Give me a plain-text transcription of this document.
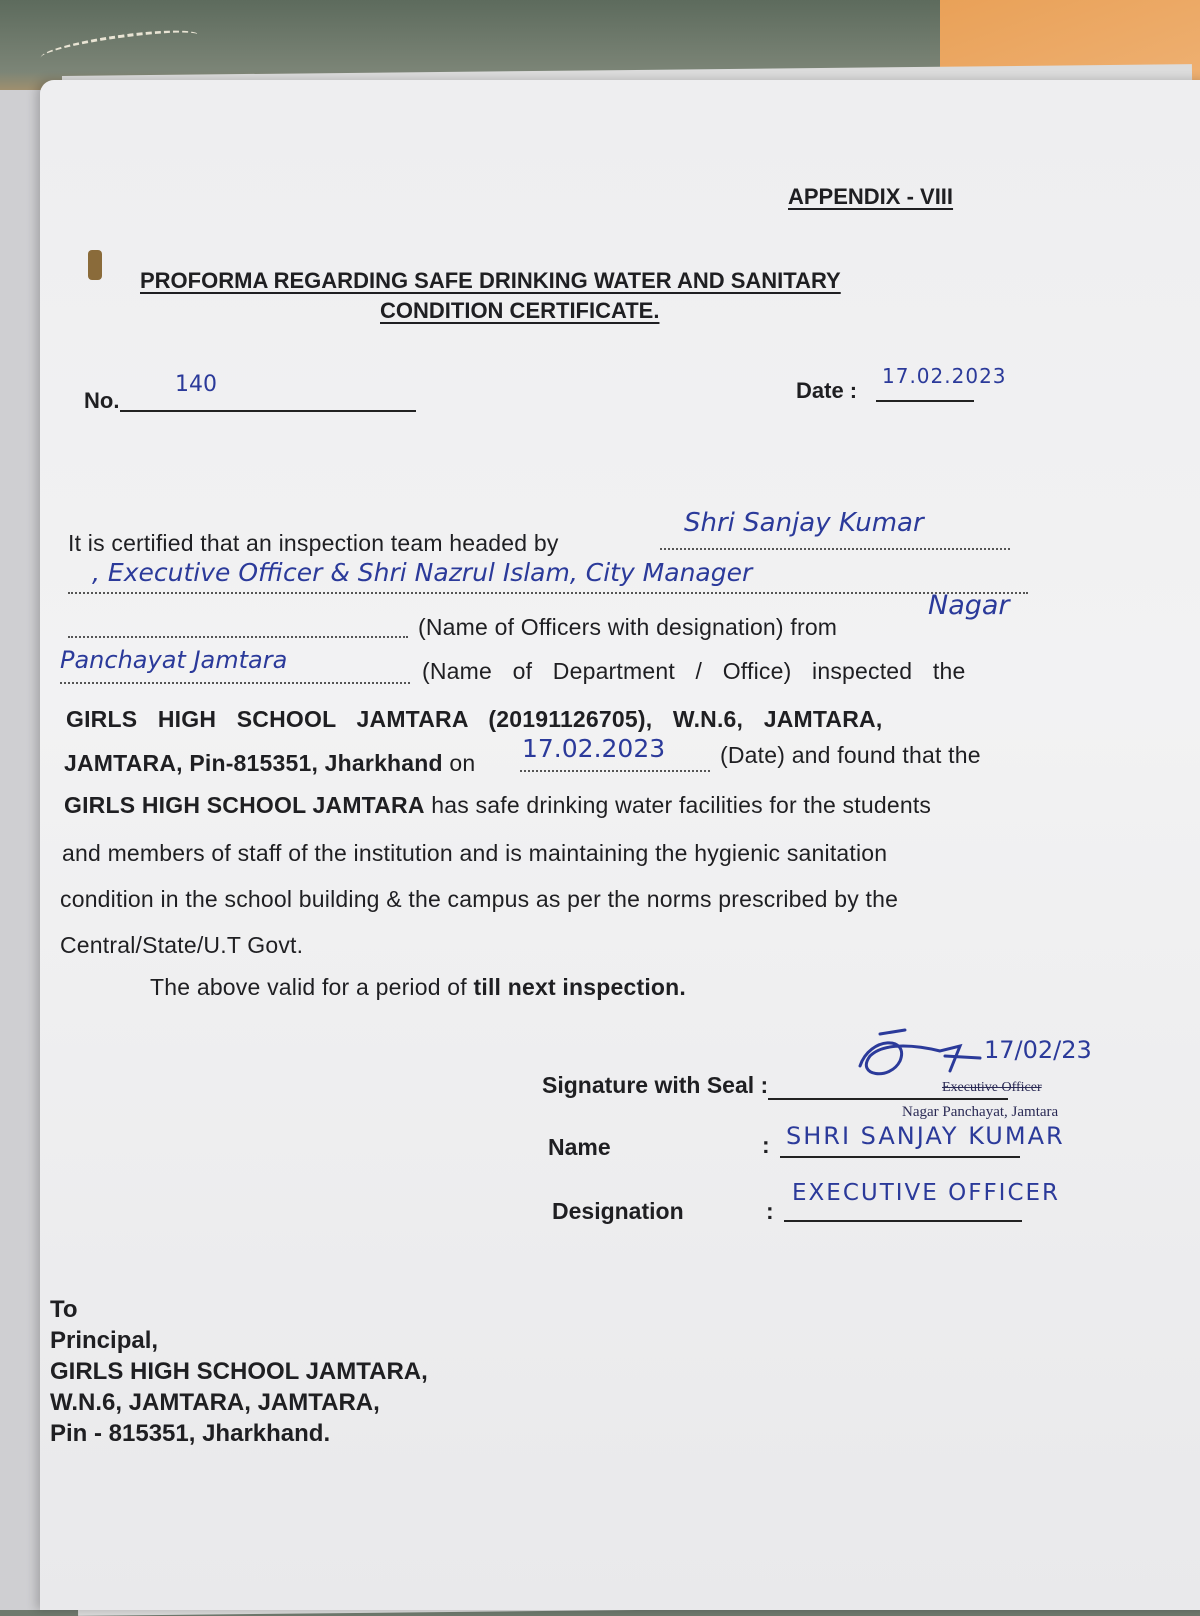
APPENDIX - VIII
PROFORMA REGARDING SAFE DRINKING WATER AND SANITARY
CONDITION CERTIFICATE.
No.
140	Date :
17.02.2023
It is certified that an inspection team headed by
Shri Sanjay Kumar
, Executive Officer & Shri Nazrul Islam, City Manager
(Name of Officers with designation) from
Nagar
Panchayat Jamtara	(Name of Department / Office) inspected the
GIRLS HIGH SCHOOL JAMTARA (20191126705), W.N.6, JAMTARA,
JAMTARA, Pin-815351, Jharkhand on 17.02.2023 (Date) and found that the
GIRLS HIGH SCHOOL JAMTARA has safe drinking water facilities for the students
and members of staff of the institution and is maintaining the hygienic sanitation
condition in the school building & the campus as per the norms prescribed by the
Central/State/U.T Govt.
The above valid for a period of till next inspection.
Signature with Seal :
17/02/23
Executive Officer
Nagar Panchayat, Jamtara
Name	: SHRI SANJAY KUMAR
Designation	:
EXECUTIVE OFFICER
To
Principal,
GIRLS HIGH SCHOOL JAMTARA,
W.N.6, JAMTARA, JAMTARA,
Pin - 815351, Jharkhand.
